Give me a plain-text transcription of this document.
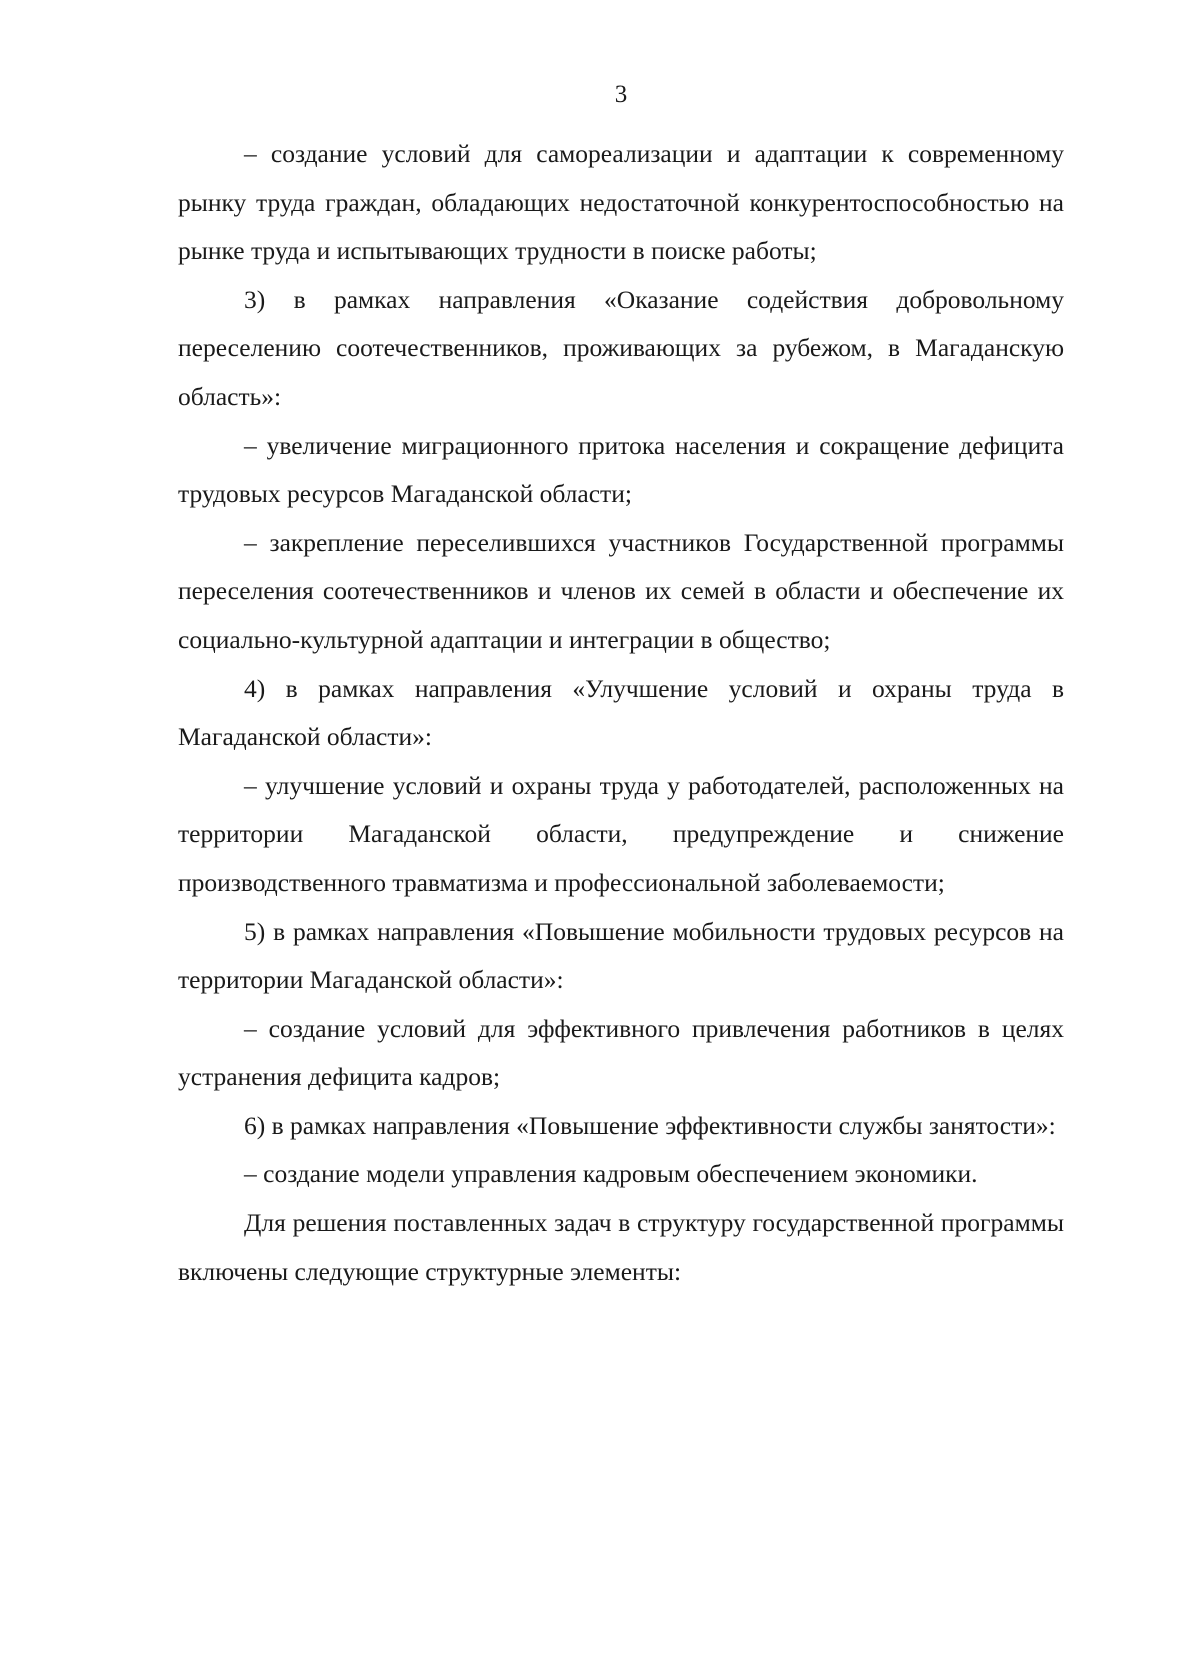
3

– создание условий для самореализации и адаптации к современному рынку труда граждан, обладающих недостаточной конкурентоспособностью на рынке труда и испытывающих трудности в поиске работы;

3) в рамках направления «Оказание содействия добровольному переселению соотечественников, проживающих за рубежом, в Магаданскую область»:

– увеличение миграционного притока населения и сокращение дефицита трудовых ресурсов Магаданской области;

– закрепление переселившихся участников Государственной программы переселения соотечественников и членов их семей в области и обеспечение их социально-культурной адаптации и интеграции в общество;

4) в рамках направления «Улучшение условий и охраны труда в Магаданской области»:

– улучшение условий и охраны труда у работодателей, расположенных на территории Магаданской области, предупреждение и снижение производственного травматизма и профессиональной заболеваемости;

5) в рамках направления «Повышение мобильности трудовых ресурсов на территории Магаданской области»:

– создание условий для эффективного привлечения работников в целях устранения дефицита кадров;

6) в рамках направления «Повышение эффективности службы занятости»:

– создание модели управления кадровым обеспечением экономики.

Для решения поставленных задач в структуру государственной программы включены следующие структурные элементы:
